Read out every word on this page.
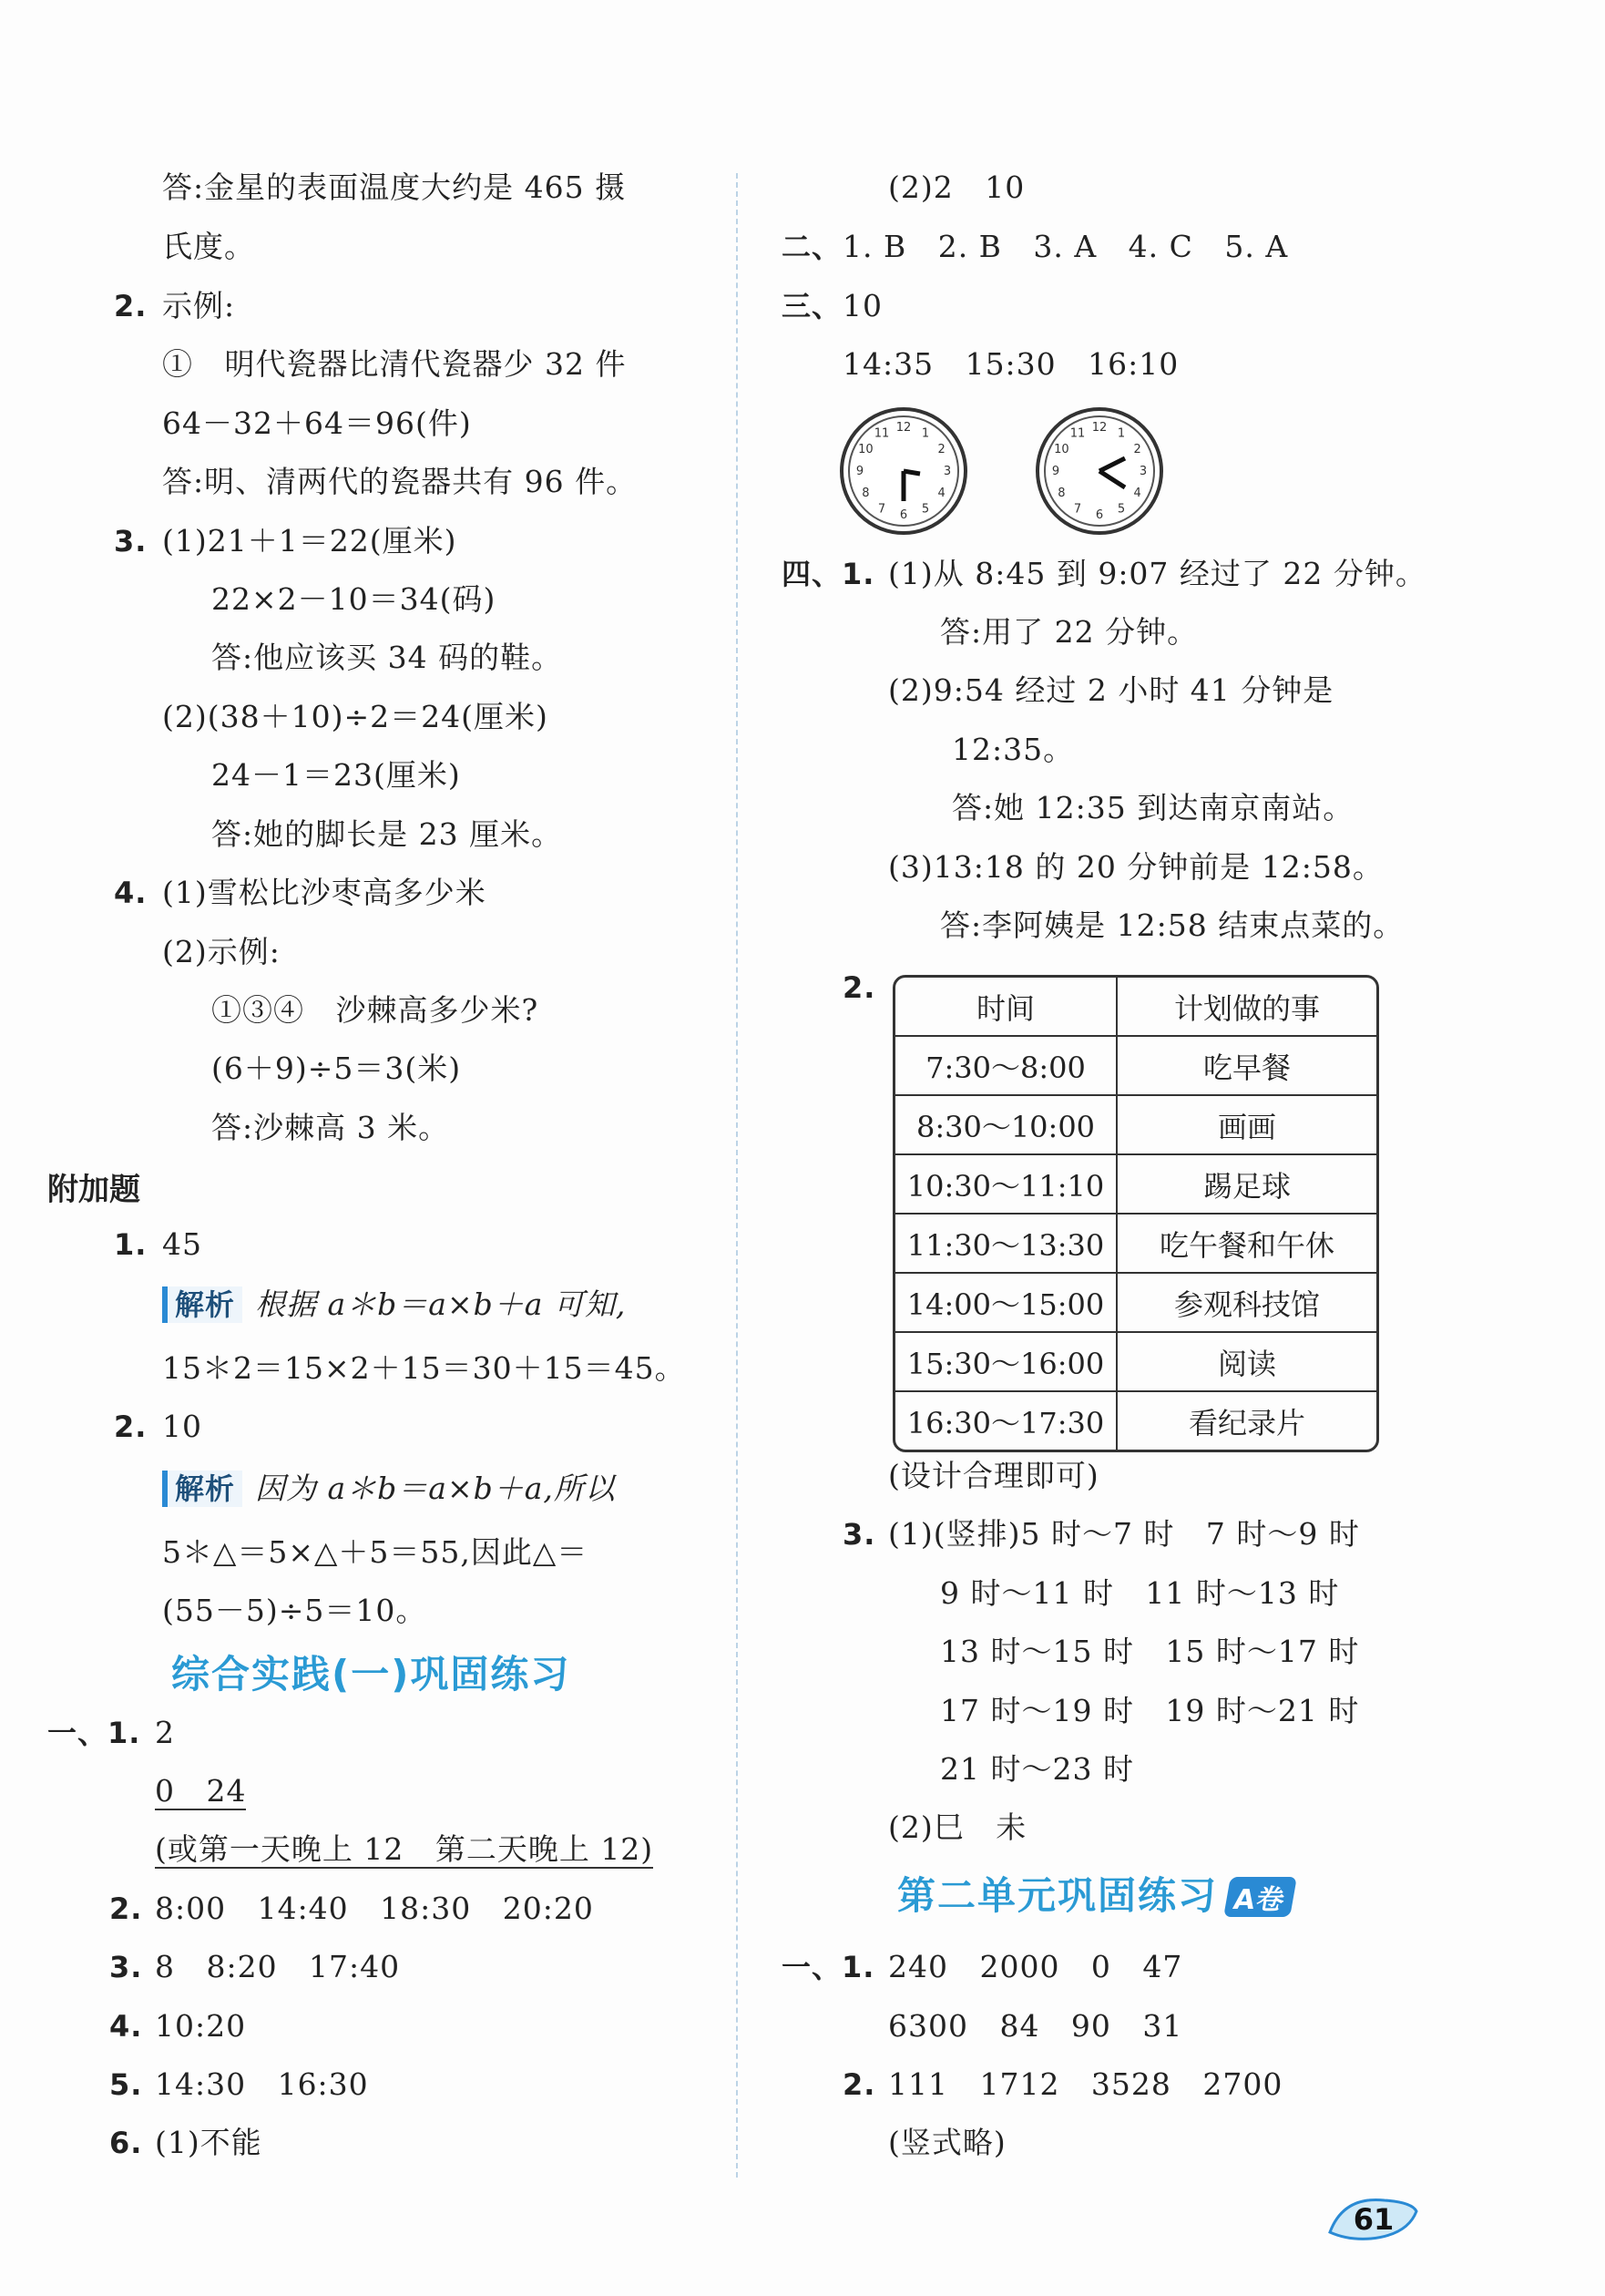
答:金星的表面温度大约是 465 摄
氏度。
2. 示例:
①   明代瓷器比清代瓷器少 32 件
64－32＋64＝96(件)
答:明、清两代的瓷器共有 96 件。
3. (1)21＋1＝22(厘米)
22×2－10＝34(码)
答:他应该买 34 码的鞋。
(2)(38＋10)÷2＝24(厘米)
24－1＝23(厘米)
答:她的脚长是 23 厘米。
4. (1)雪松比沙枣高多少米
(2)示例:
①③④   沙棘高多少米?
(6＋9)÷5＝3(米)
答:沙棘高 3 米。
附加题
1. 45
解析 根据 a＊b＝a×b＋a 可知,
15＊2＝15×2＋15＝30＋15＝45。
2. 10
解析 因为 a＊b＝a×b＋a,所以
5＊△＝5×△＋5＝55,因此△＝
(55－5)÷5＝10。
综合实践(一)巩固练习
一、1. 2
0   24
(或第一天晚上 12   第二天晚上 12)
2. 8:00   14:40   18:30   20:20
3. 8   8:20   17:40
4. 10:20
5. 14:30   16:30
6. (1)不能
(2)2   10
二、 1. B   2. B   3. A   4. C   5. A
三、 10
14:35   15:30   16:10
12 1
2
3
4
5
6
7
8
9
10
11	12 1
2
3
4
5
6
7
8
9
10
11
四、1. (1)从 8:45 到 9:07 经过了 22 分钟。
答:用了 22 分钟。
(2)9:54 经过 2 小时 41 分钟是
12:35。
答:她 12:35 到达南京南站。
(3)13:18 的 20 分钟前是 12:58。
答:李阿姨是 12:58 结束点菜的。
2.
时间	计划做的事
7:30～8:00	吃早餐
8:30～10:00	画画
10:30～11:10	踢足球
11:30～13:30	吃午餐和午休
14:00～15:00	参观科技馆
15:30～16:00	阅读
16:30～17:30	看纪录片
(设计合理即可)
3. (1)(竖排)5 时～7 时   7 时～9 时
9 时～11 时   11 时～13 时
13 时～15 时   15 时～17 时
17 时～19 时   19 时～21 时
21 时～23 时
(2)巳   未
第二单元巩固练习 A卷
一、1. 240   2000   0   47
6300   84   90   31
2. 111   1712   3528   2700
(竖式略)
61
